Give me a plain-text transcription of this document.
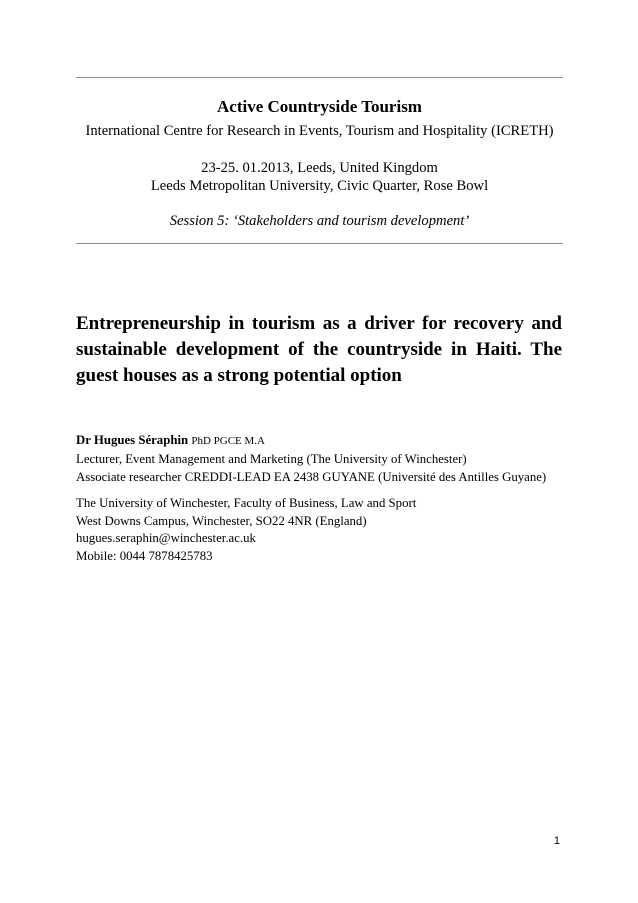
Active Countryside Tourism
International Centre for Research in Events, Tourism and Hospitality (ICRETH)
23-25. 01.2013, Leeds, United Kingdom
Leeds Metropolitan University, Civic Quarter, Rose Bowl
Session 5: ‘Stakeholders and tourism development’
Entrepreneurship in tourism as a driver for recovery and
sustainable development of the countryside in Haiti. The
guest houses as a strong potential option
Dr Hugues Séraphin PhD PGCE M.A
Lecturer, Event Management and Marketing (The University of Winchester)
Associate researcher CREDDI-LEAD EA 2438 GUYANE (Université des Antilles Guyane)
The University of Winchester, Faculty of Business, Law and Sport
West Downs Campus, Winchester, SO22 4NR (England)
hugues.seraphin@winchester.ac.uk
Mobile: 0044 7878425783
1
